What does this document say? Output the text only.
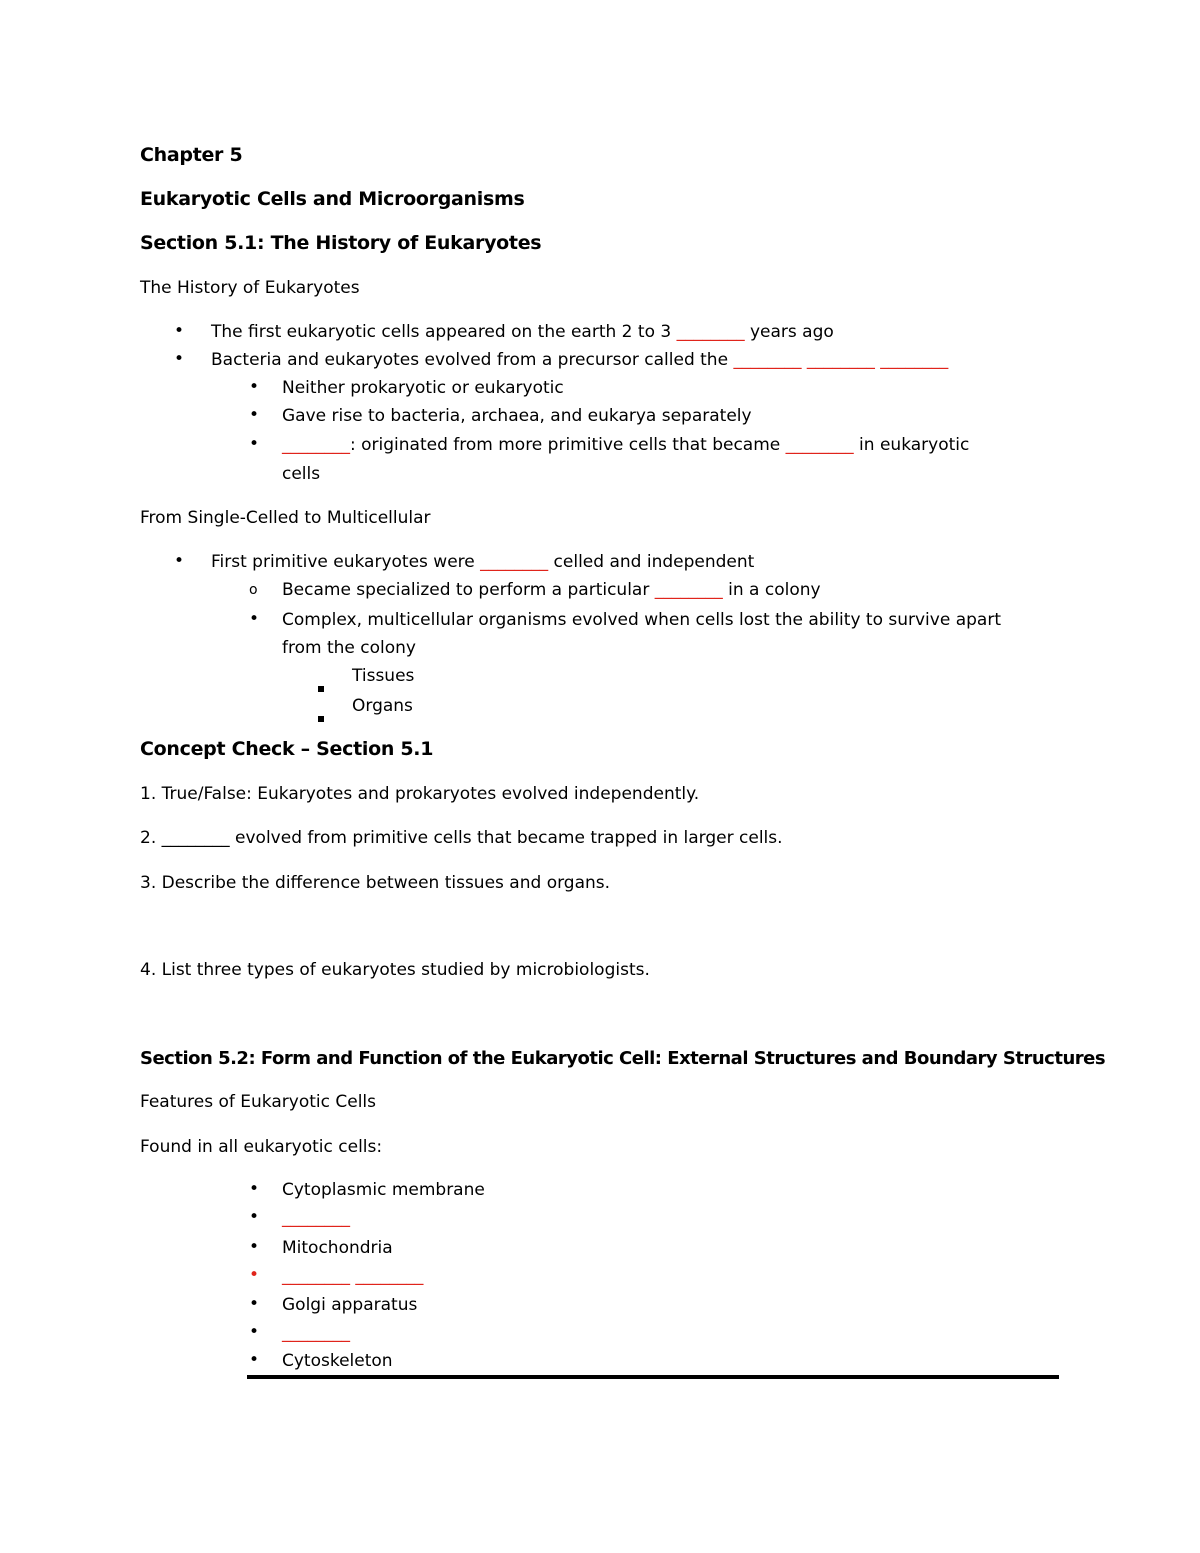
Chapter 5
Eukaryotic Cells and Microorganisms
Section 5.1: The History of Eukaryotes
The History of Eukaryotes
• The first eukaryotic cells appeared on the earth 2 to 3 ________ years ago
• Bacteria and eukaryotes evolved from a precursor called the ________ ________ ________
• Neither prokaryotic or eukaryotic
• Gave rise to bacteria, archaea, and eukarya separately
• ________: originated from more primitive cells that became ________ in eukaryotic
cells
From Single-Celled to Multicellular
• First primitive eukaryotes were ________ celled and independent
o Became specialized to perform a particular ________ in a colony
• Complex, multicellular organisms evolved when cells lost the ability to survive apart
from the colony
Tissues
Organs
Concept Check – Section 5.1
1. True/False: Eukaryotes and prokaryotes evolved independently.
2. ________ evolved from primitive cells that became trapped in larger cells.
3. Describe the difference between tissues and organs.
4. List three types of eukaryotes studied by microbiologists.
Section 5.2: Form and Function of the Eukaryotic Cell: External Structures and Boundary Structures
Features of Eukaryotic Cells
Found in all eukaryotic cells:
• Cytoplasmic membrane
• ________
• Mitochondria
• ________ ________
• Golgi apparatus
• ________
• Cytoskeleton
